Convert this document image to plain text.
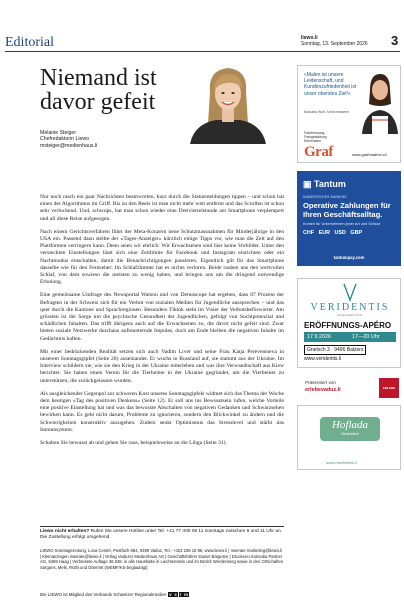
Editorial	liewo.li
Sonntag, 13. September 2026 3
Niemand ist davor gefeit
Melanie Steiger
Chefredaktorin Liewo
msteiger@medienhaus.li

Nur noch rasch ein paar Nachrichten beantworten, kurz durch die Statusmeldungen tippen – und schon hat einen der Algorithmus im Griff. Bis zu den Reels ist man nicht mehr weit entfernt und das Scrollen ist schon sehr verlockend. Und, schwups, hat man schon wieder eine Dreiviertelstunde am Smartphone verplempert und all diese Reize aufgesogen.

Nach einem Gerichtsverfahren führt der Meta-Konzern neue Schutzmassnahmen für Minderjährige in den USA ein. Passend dazu stellte der «Tages-Anzeiger» kürzlich einige Tipps vor, wie man die Zeit auf den Plattformen verringern kann. Denn seien wir ehrlich: Wir Erwachsenen sind hier keine Vorbilder. Unter den versteckten Einstellungen lässt sich eine Zeitlimite für Facebook und Instagram einrichten oder ein Nachtmodus einschalten, damit die Benachrichtigungen pausieren. Eigentlich gilt für das Smartphone dasselbe wie für den Fernseher: Im Schlafzimmer hat es nichts verloren. Beide rauben uns den wertvollen Schlaf, von dem sowieso die meisten zu wenig haben, und bringen uns um die dringend notwendige Erholung.

Eine gemeinsame Umfrage des Newsportal Watson und von Demoscope hat ergeben, dass 87 Prozent der Befragten in der Schweiz sich für ein Verbot von sozialen Medien für Jugendliche aussprechen – und das quer durch die Kantone und Sprachregionen. Besonders Tiktok steht im Visier der Verbotsbefürworter. Am grössten ist die Sorge um die psychische Gesundheit der Jugendlichen, gefolgt von Suchtpotenzial und schädlichen Inhalten. Das trifft übrigens auch auf die Erwachsenen zu, die davor nicht gefeit sind. Zwar bieten soziale Netzwerke durchaus aufmunternde Impulse, doch am Ende bleiben die negativen Inhalte im Gedächtnis haften.

Mit einer bedrückenden Realität setzen sich auch Vadim Liver und seine Frau Katja Pereventseva in unserem Sonntagsgipfel (Seite 20) auseinander. Er wuchs in Russland auf, sie stammt aus der Ukraine. Im Interview schildern sie, wie sie den Krieg in der Ukraine miterleben und was ihre Verwandtschaft aus Kiew berichtet. Sie haben einen Verein für die Tierheime in der Ukraine gegründet, um die Vierbeiner zu unterstützen, die zurückgelassen wurden.

Als ausgleichender Gegenpol zur schweren Kost unseres Sonntagsgipfels widmet sich das Thema der Woche dem heutigen «Tag des positiven Denkens» (Seite 12). Er soll uns ins Bewusstsein rufen, welche Vorteile eine positive Einstellung hat und was das bewusste Abschalten von negativen Gedanken und Schwarzsehen bewirken kann. Es geht nicht darum, Probleme zu ignorieren, sondern den Blickwinkel zu ändern und die Schwierigkeiten konstruktiv anzugehen. Zudem senkt Optimismus das Stresslevel und stärkt das Immunsystem.

Schalten Sie bewusst ab und gehen Sie raus, beispielsweise an die Lihga (Seite 31).

Liewo nicht erhalten? Rufen Sie unsere Hotline unter Tel. +41 77 400 08 11 sonntags zwischen 9 und 11 Uhr an. Die Zustellung erfolgt umgehend.
LIEWO Sonntagszeitung, Lova Center, Postfach 884, 9490 Vaduz, Tel.: +423 236 16 96, www.liewo.li | Inserate marketing@liewo.li | Kleinanzeigen inserate@liewo.li | Verlag Vaduzer Medienhaus AG | Geschäftsführer Daniel Bargetze | Druckerei Somedia Partner AG, 9469 Haag | Verbreitete Auflage 36 638, in alle Haushalte in Liechtenstein und im Bezirk Werdenberg sowie in den Ortschaften Sargans, Mels, Rüthi und Oberriet (WEMF/KS-beglaubigt)
Die LIEWO ist Mitglied des Verbands Schweizer Regionalmedien v s r m
«Malen ist unsere Leidenschaft, und Kundenzufriedenheit ist unser oberstes Ziel!»
Manuela Wolf, Servicemalerin
Farbberatung Farbgestaltung Renovation
Graf	www.grafmalerei.ch
▣ Tantum
NUMERISCHES BANKING
Operative Zahlungen für Ihren Geschäftsalltag.
Konten für Unternehmen jeder Art und Grösse
CHF EUR USD GBP
tantumpay.com
VERIDENTIS
ZAHNMEDIZIN
ERÖFFNUNGS-APÉRO
17.9.2026	17—20 Uhr
Gnetsch 3 · 9496 Balzers
www.veridentis.li
Präsentiert von
erlebevaduz.li	ERLEBE
Hoflada
Neufeldhof
www.neufeldhof.li
